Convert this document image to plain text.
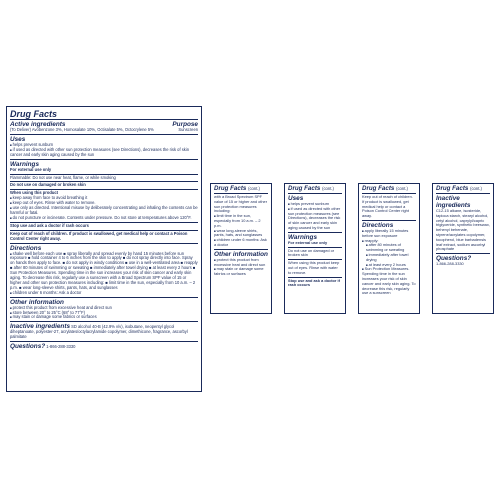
Drug Facts
Active ingredients	Purpose
(To Deliver) Avobenzone 3%, Homosalate 10%, Octisalate 5%, Octocrylene 5%	Sunscreen
Uses
■ helps prevent sunburn
■ if used as directed with other sun protection measures (see Directions), decreases the risk of skin cancer and early skin aging caused by the sun
Warnings
For external use only
Flammable: Do not use near heat, flame, or while smoking
Do not use on damaged or broken skin
When using this product
■ keep away from face to avoid breathing it
■ keep out of eyes. Rinse with water to remove.
■ use only as directed. Intentional misuse by deliberately concentrating and inhaling the contents can be harmful or fatal.
■ do not puncture or incinerate. Contents under pressure. Do not store at temperatures above 120°F.
Stop use and ask a doctor if rash occurs
Keep out of reach of children. If product is swallowed, get medical help or contact a Poison Control Center right away.
Directions
■ shake well before each use ■ spray liberally and spread evenly by hand 15 minutes before sun exposure ■ hold container 4 to 6 inches from the skin to apply ■ do not spray directly into face. Spray on hands then apply to face. ■ do not apply in windy conditions ■ use in a well-ventilated area ■ reapply ■ after 80 minutes of swimming or sweating ■ immediately after towel drying ■ at least every 2 hours ■ Sun Protection Measures. Spending time in the sun increases your risk of skin cancer and early skin aging. To decrease this risk, regularly use a sunscreen with a Broad Spectrum SPF value of 15 or higher and other sun protection measures including: ■ limit time in the sun, especially from 10 a.m. – 2 p.m. ■ wear long-sleeve shirts, pants, hats, and sunglasses
■ children under 6 months: Ask a doctor
Other information
■ protect this product from excessive heat and direct sun
■ store between 20° to 25°C (68° to 77°F)
■ may stain or damage some fabrics or surfaces
Inactive ingredients SD alcohol 40-B (42.9% v/v), isobutane, neopentyl glycol diheptanoate, polyester-27, acrylates/octylacrylamide copolymer, dimethicone, fragrance, ascorbyl palmitate
Questions? 1-866-288-3330
Drug Facts (cont.)
with a Broad Spectrum SPF value of 15 or higher and other sun protection measures including:
■ limit time in the sun, especially from 10 a.m. – 2 p.m.
■ wear long-sleeve shirts, pants, hats, and sunglasses
■ children under 6 months: Ask a doctor
Other information
■ protect this product from excessive heat and direct sun
■ may stain or damage some fabrics or surfaces
Drug Facts (cont.)
Uses
■ helps prevent sunburn
■ if used as directed with other sun protection measures (see Directions), decreases the risk of skin cancer and early skin aging caused by the sun
Warnings
For external use only
Do not use on damaged or broken skin
When using this product keep out of eyes. Rinse with water to remove.
Stop use and ask a doctor if rash occurs
Drug Facts (cont.)
Keep out of reach of children. If product is swallowed, get medical help or contact a Poison Control Center right away.
Directions
■ apply liberally 15 minutes before sun exposure
■ reapply:
■ after 80 minutes of swimming or sweating
■ immediately after towel drying
■ at least every 2 hours
■ Sun Protection Measures. Spending time in the sun increases your risk of skin cancer and early skin aging. To decrease this risk, regularly use a sunscreen
Drug Facts (cont.)
Inactive ingredients
C12-15 alkane, isosteride, tapioca starch, stearyl alcohol, cetyl alcohol, caprylyl/capric triglyceride, synthetic beeswax, behenyl behenate, styrene/acrylates copolymer, tocopherol, blue barbadensis leaf extract, sodium ascorbyl phosphate
Questions?
1-866-288-3330
